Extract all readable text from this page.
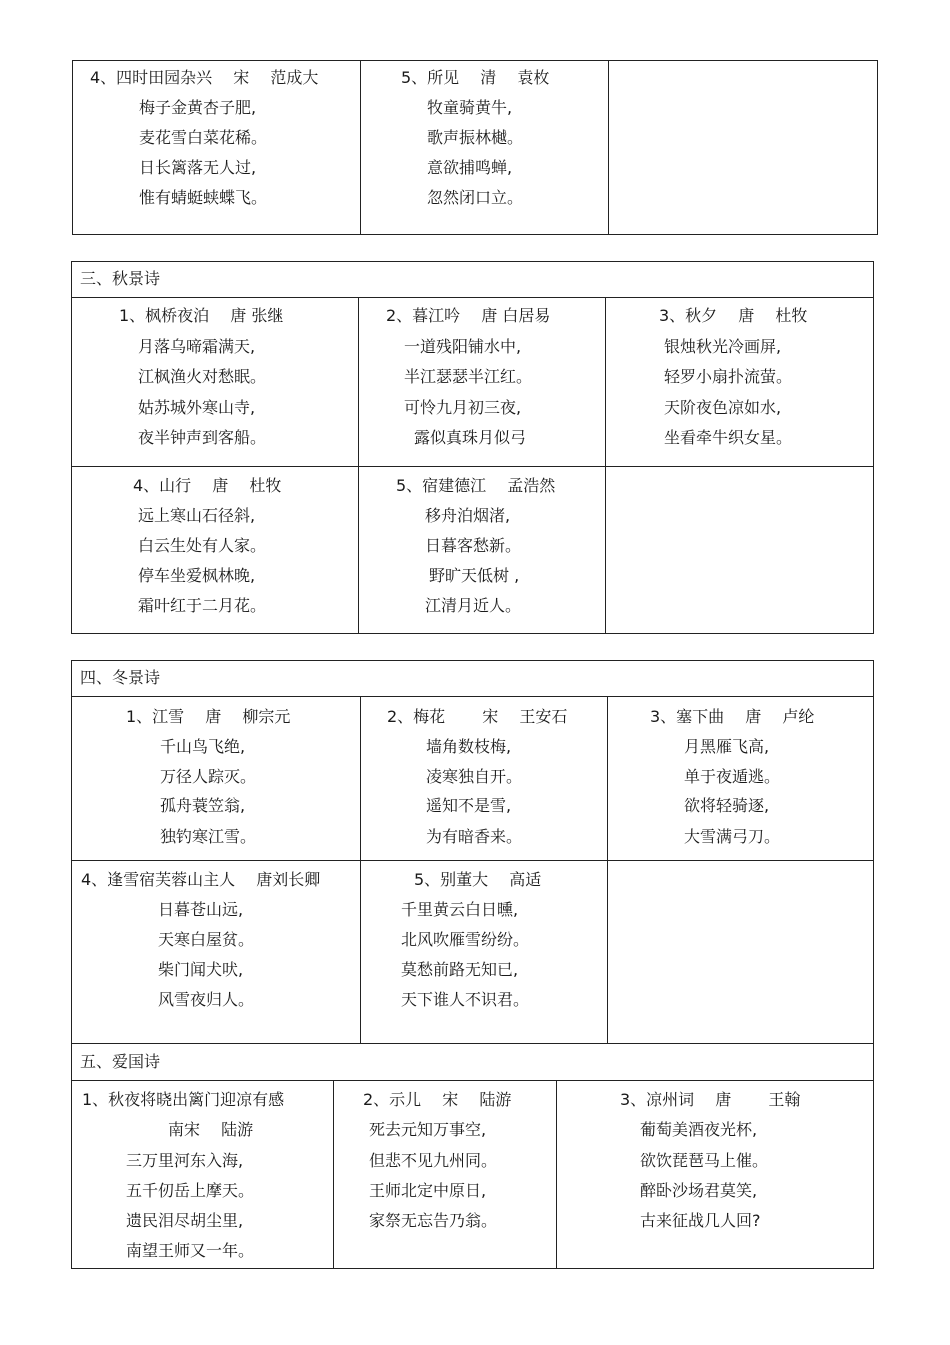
4、四时田园杂兴　 宋　 范成大
梅子金黄杏子肥,
麦花雪白菜花稀。
日长篱落无人过,
惟有蜻蜓蛱蝶飞。
5、所见　 清　 袁枚
牧童骑黄牛,
歌声振林樾。
意欲捕鸣蝉,
忽然闭口立。
三、秋景诗
1、枫桥夜泊　 唐 张继
月落乌啼霜满天,
江枫渔火对愁眠。
姑苏城外寒山寺,
夜半钟声到客船。
2、暮江吟　 唐 白居易
一道残阳铺水中,
半江瑟瑟半江红。
可怜九月初三夜,
露似真珠月似弓
3、秋夕　 唐　 杜牧
银烛秋光冷画屏,
轻罗小扇扑流萤。
天阶夜色凉如水,
坐看牵牛织女星。
4、山行　 唐　 杜牧
远上寒山石径斜,
白云生处有人家。
停车坐爱枫林晚,
霜叶红于二月花。
5、宿建德江　 孟浩然
移舟泊烟渚,
日暮客愁新。
野旷天低树 ,
江清月近人。
四、冬景诗
五、爱国诗
1、江雪　 唐　 柳宗元
千山鸟飞绝,
万径人踪灭。
孤舟蓑笠翁,
独钓寒江雪。
2、梅花　　 宋　 王安石
墙角数枝梅,
凌寒独自开。
遥知不是雪,
为有暗香来。
3、塞下曲　 唐　 卢纶
月黑雁飞高,
单于夜遁逃。
欲将轻骑逐,
大雪满弓刀。
4、逢雪宿芙蓉山主人　 唐刘长卿
日暮苍山远,
天寒白屋贫。
柴门闻犬吠,
风雪夜归人。
5、别董大　 高适
千里黄云白日曛,
北风吹雁雪纷纷。
莫愁前路无知已,
天下谁人不识君。
1、秋夜将晓出篱门迎凉有感
南宋　 陆游
三万里河东入海,
五千仞岳上摩天。
遗民泪尽胡尘里,
南望王师又一年。
2、示儿　 宋　 陆游
死去元知万事空,
但悲不见九州同。
王师北定中原日,
家祭无忘告乃翁。
3、凉州词　 唐　　 王翰
葡萄美酒夜光杯,
欲饮琵琶马上催。
醉卧沙场君莫笑,
古来征战几人回?
